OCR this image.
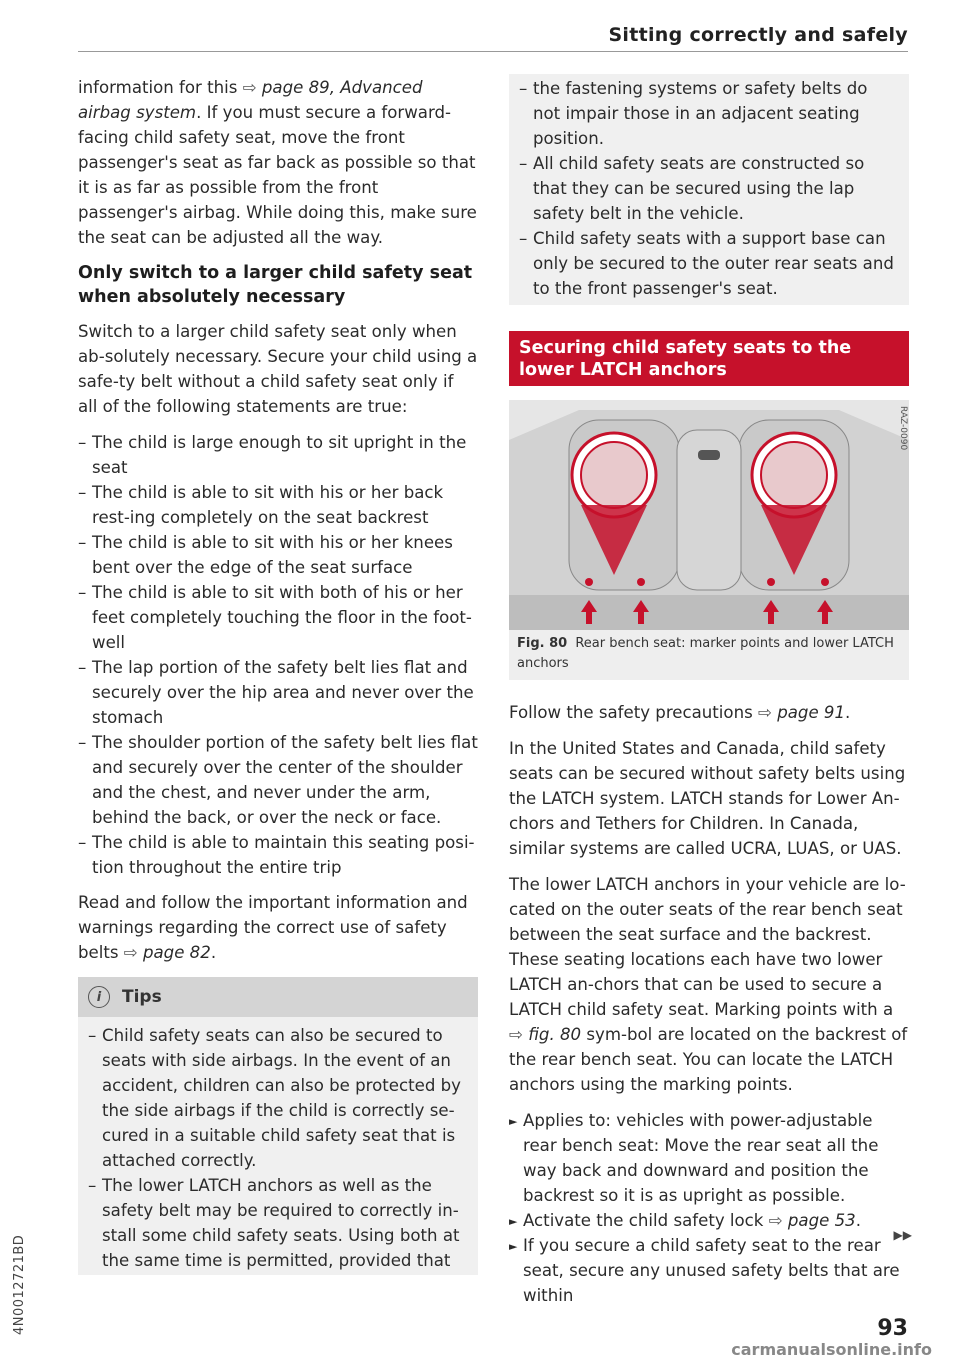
Sitting correctly and safely

information for this ⇨ page 89, Advanced airbag system. If you must secure a forward-facing child safety seat, move the front passenger's seat as far back as possible so that it is as far as possible from the front passenger's airbag. While doing this, make sure the seat can be adjusted all the way.

Only switch to a larger child safety seat when absolutely necessary

Switch to a larger child safety seat only when ab-solutely necessary. Secure your child using a safe-ty belt without a child safety seat only if all of the following statements are true:

– The child is large enough to sit upright in the seat
– The child is able to sit with his or her back rest-ing completely on the seat backrest
– The child is able to sit with his or her knees bent over the edge of the seat surface
– The child is able to sit with both of his or her feet completely touching the floor in the foot-well
– The lap portion of the safety belt lies flat and securely over the hip area and never over the stomach
– The shoulder portion of the safety belt lies flat and securely over the center of the shoulder and the chest, and never under the arm, behind the back, or over the neck or face.
– The child is able to maintain this seating posi-tion throughout the entire trip

Read and follow the important information and warnings regarding the correct use of safety belts ⇨ page 82.

i	Tips
– Child safety seats can also be secured to seats with side airbags. In the event of an accident, children can also be protected by the side airbags if the child is correctly se-cured in a suitable child safety seat that is attached correctly.
– The lower LATCH anchors as well as the safety belt may be required to correctly in-stall some child safety seats. Using both at the same time is permitted, provided that
– the fastening systems or safety belts do not impair those in an adjacent seating position.
– All child safety seats are constructed so that they can be secured using the lap safety belt in the vehicle.
– Child safety seats with a support base can only be secured to the outer rear seats and to the front passenger's seat.
Securing child safety seats to the lower LATCH anchors
RAZ-0090
Fig. 80 Rear bench seat: marker points and lower LATCH anchors

Follow the safety precautions ⇨ page 91.

In the United States and Canada, child safety seats can be secured without safety belts using the LATCH system. LATCH stands for Lower An-chors and Tethers for Children. In Canada, similar systems are called UCRA, LUAS, or UAS.

The lower LATCH anchors in your vehicle are lo-cated on the outer seats of the rear bench seat between the seat surface and the backrest. These seating locations each have two lower LATCH an-chors that can be used to secure a LATCH child safety seat. Marking points with a ⇨ fig. 80 sym-bol are located on the backrest of the rear bench seat. You can locate the LATCH anchors using the marking points.

► Applies to: vehicles with power-adjustable rear bench seat: Move the rear seat all the way back and downward and position the backrest so it is as upright as possible.
► Activate the child safety lock ⇨ page 53.
► If you secure a child safety seat to the rear seat, secure any unused safety belts that are within
▶▶
4N0012721BD	93
carmanualsonline.info
